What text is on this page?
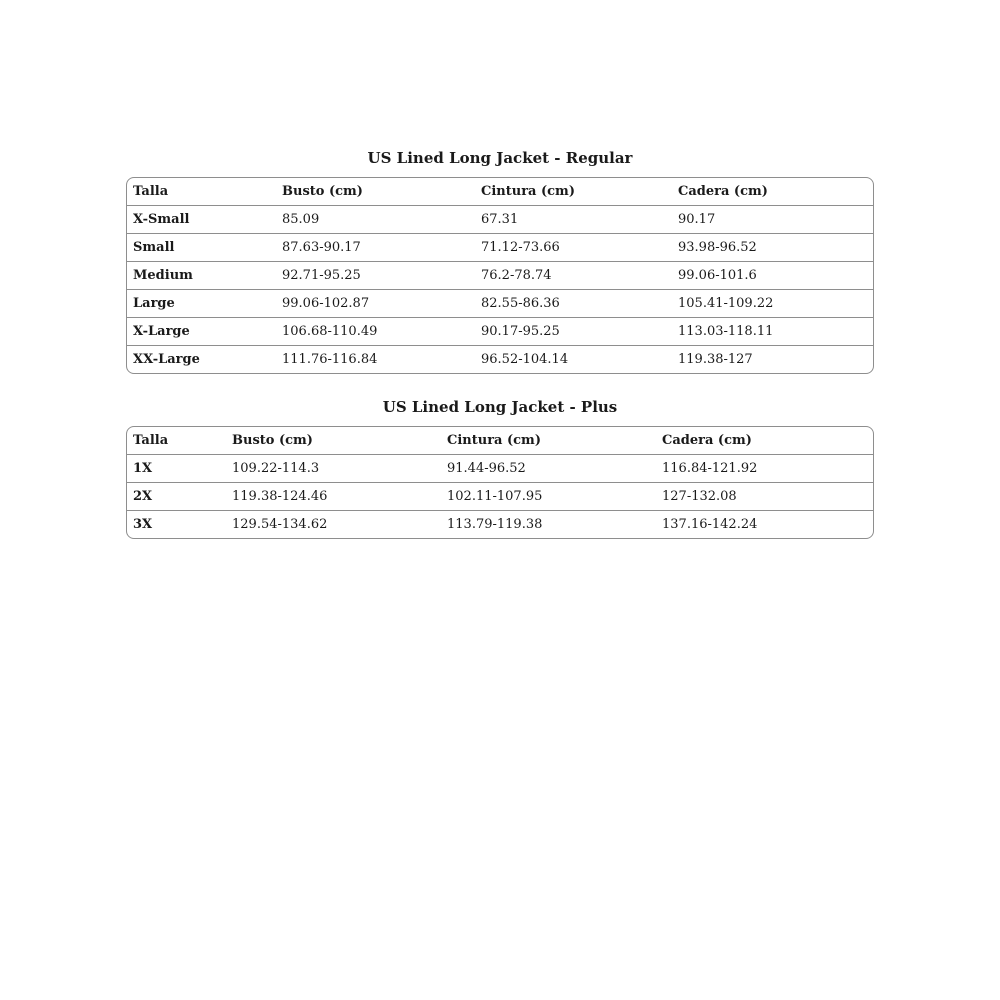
US Lined Long Jacket - Regular
Talla	Busto (cm)	Cintura (cm)	Cadera (cm)
X-Small	85.09	67.31	90.17
Small	87.63-90.17	71.12-73.66	93.98-96.52
Medium	92.71-95.25	76.2-78.74	99.06-101.6
Large	99.06-102.87	82.55-86.36	105.41-109.22
X-Large	106.68-110.49	90.17-95.25	113.03-118.11
XX-Large	111.76-116.84	96.52-104.14	119.38-127
US Lined Long Jacket - Plus
Talla	Busto (cm)	Cintura (cm)	Cadera (cm)
1X	109.22-114.3	91.44-96.52	116.84-121.92
2X	119.38-124.46	102.11-107.95	127-132.08
3X	129.54-134.62	113.79-119.38	137.16-142.24
